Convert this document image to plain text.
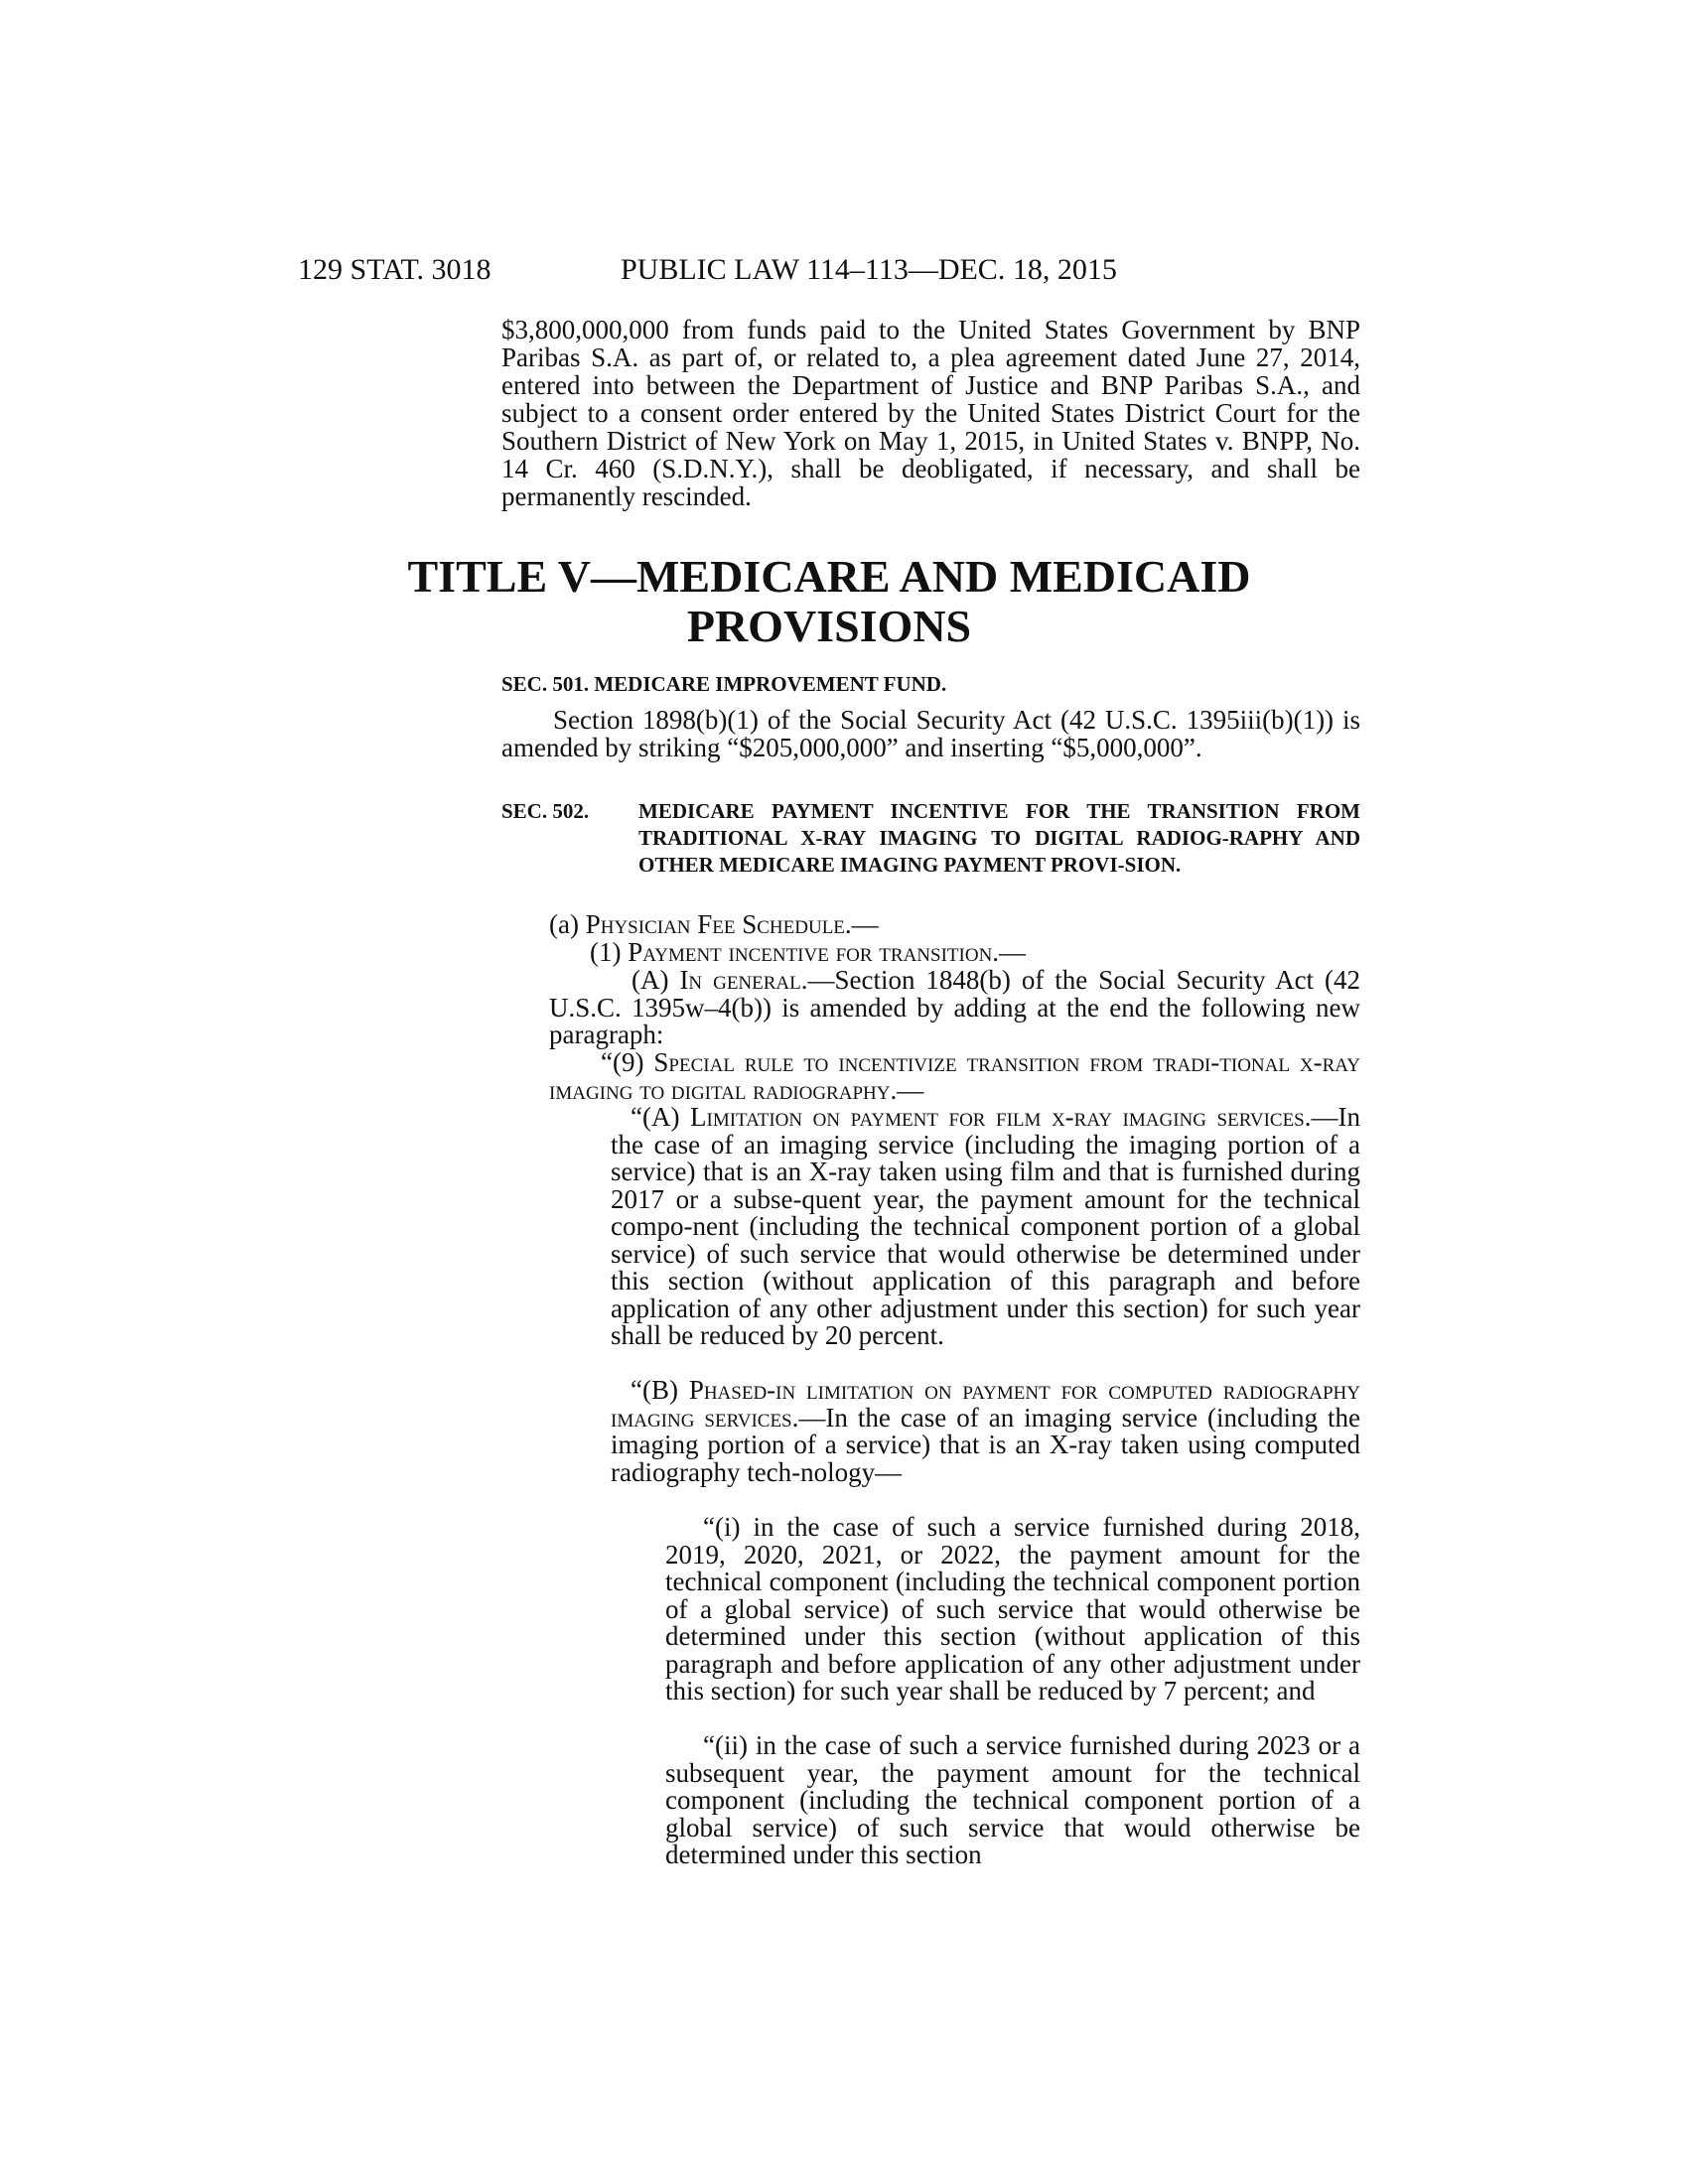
129 STAT. 3018	PUBLIC LAW 114–113—DEC. 18, 2015
$3,800,000,000 from funds paid to the United States Government by BNP Paribas S.A. as part of, or related to, a plea agreement dated June 27, 2014, entered into between the Department of Justice and BNP Paribas S.A., and subject to a consent order entered by the United States District Court for the Southern District of New York on May 1, 2015, in United States v. BNPP, No. 14 Cr. 460 (S.D.N.Y.), shall be deobligated, if necessary, and shall be permanently rescinded.
TITLE V—MEDICARE AND MEDICAID
PROVISIONS
SEC. 501. MEDICARE IMPROVEMENT FUND.
Section 1898(b)(1) of the Social Security Act (42 U.S.C. 1395iii(b)(1)) is amended by striking “$205,000,000” and inserting “$5,000,000”.
SEC. 502.	MEDICARE PAYMENT INCENTIVE FOR THE TRANSITION FROM TRADITIONAL X-RAY IMAGING TO DIGITAL RADIOG-RAPHY AND OTHER MEDICARE IMAGING PAYMENT PROVI-SION.
(a) Physician Fee Schedule.—
(1) Payment incentive for transition.—
(A) In general.—Section 1848(b) of the Social Security Act (42 U.S.C. 1395w–4(b)) is amended by adding at the end the following new paragraph:
“(9) Special rule to incentivize transition from tradi-tional x-ray imaging to digital radiography.—
“(A) Limitation on payment for film x-ray imaging services.—In the case of an imaging service (including the imaging portion of a service) that is an X-ray taken using film and that is furnished during 2017 or a subse-quent year, the payment amount for the technical compo-nent (including the technical component portion of a global service) of such service that would otherwise be determined under this section (without application of this paragraph and before application of any other adjustment under this section) for such year shall be reduced by 20 percent.
“(B) Phased-in limitation on payment for computed radiography imaging services.—In the case of an imaging service (including the imaging portion of a service) that is an X-ray taken using computed radiography tech-nology—
“(i) in the case of such a service furnished during 2018, 2019, 2020, 2021, or 2022, the payment amount for the technical component (including the technical component portion of a global service) of such service that would otherwise be determined under this section (without application of this paragraph and before application of any other adjustment under this section) for such year shall be reduced by 7 percent; and
“(ii) in the case of such a service furnished during 2023 or a subsequent year, the payment amount for the technical component (including the technical component portion of a global service) of such service that would otherwise be determined under this section
